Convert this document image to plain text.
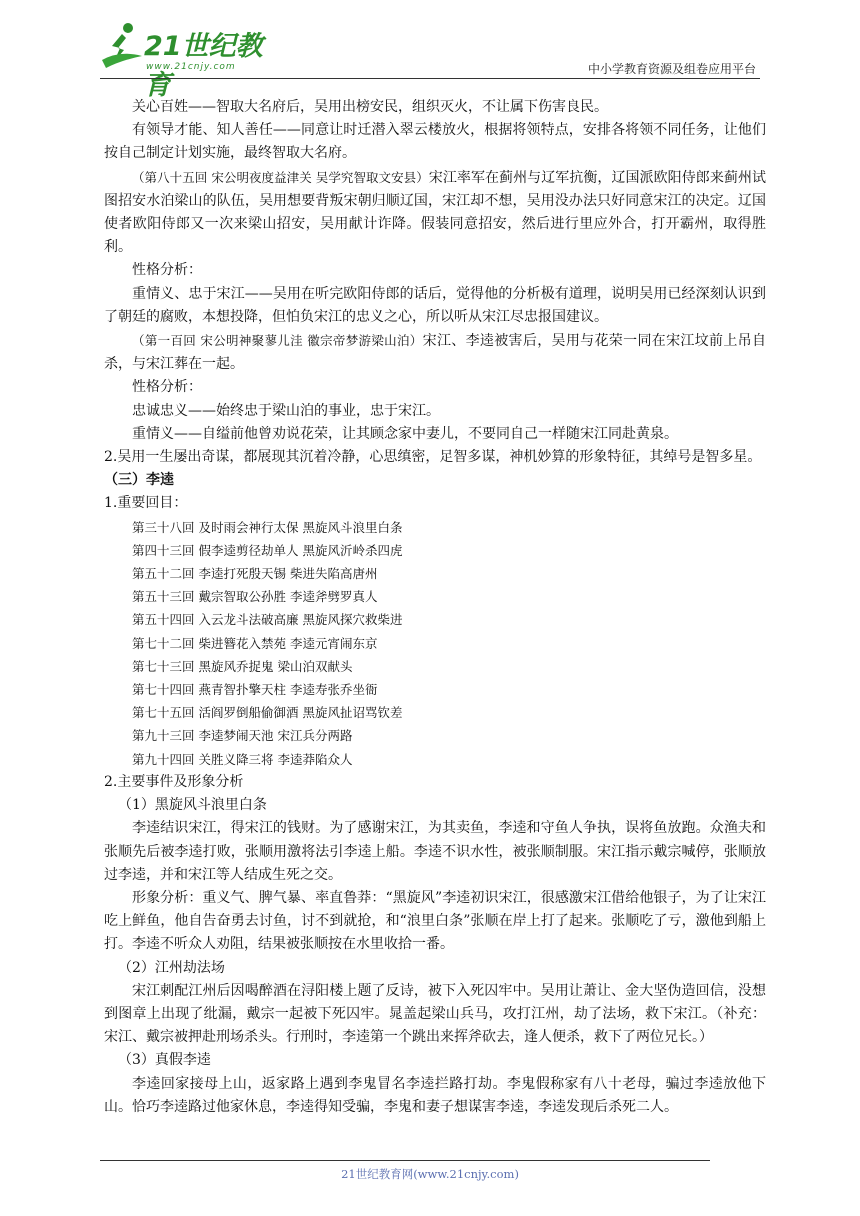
21世纪教育
www.21cnjy.com	中小学教育资源及组卷应用平台

关心百姓——智取大名府后，吴用出榜安民，组织灭火，不让属下伤害良民。

有领导才能、知人善任——同意让时迁潜入翠云楼放火，根据将领特点，安排各将领不同任务，让他们按自己制定计划实施，最终智取大名府。

（第八十五回 宋公明夜度益津关 吴学究智取文安县）宋江率军在蓟州与辽军抗衡，辽国派欧阳侍郎来蓟州试图招安水泊梁山的队伍，吴用想要背叛宋朝归顺辽国，宋江却不想，吴用没办法只好同意宋江的决定。辽国使者欧阳侍郎又一次来梁山招安，吴用献计诈降。假装同意招安，然后进行里应外合，打开霸州，取得胜利。

性格分析：

重情义、忠于宋江——吴用在听完欧阳侍郎的话后，觉得他的分析极有道理，说明吴用已经深刻认识到了朝廷的腐败，本想投降，但怕负宋江的忠义之心，所以听从宋江尽忠报国建议。

（第一百回 宋公明神聚蓼儿洼 徽宗帝梦游梁山泊）宋江、李逵被害后，吴用与花荣一同在宋江坟前上吊自杀，与宋江葬在一起。

性格分析：

忠诚忠义——始终忠于梁山泊的事业，忠于宋江。

重情义——自缢前他曾劝说花荣，让其顾念家中妻儿，不要同自己一样随宋江同赴黄泉。

2.吴用一生屡出奇谋，都展现其沉着冷静，心思缜密，足智多谋，神机妙算的形象特征，其绰号是智多星。

（三）李逵

1.重要回目：

第三十八回 及时雨会神行太保 黑旋风斗浪里白条

第四十三回 假李逵剪径劫单人 黑旋风沂岭杀四虎

第五十二回 李逵打死殷天锡 柴进失陷高唐州

第五十三回 戴宗智取公孙胜 李逵斧劈罗真人

第五十四回 入云龙斗法破高廉 黑旋风探穴救柴进

第七十二回 柴进簪花入禁苑 李逵元宵闹东京

第七十三回 黑旋风乔捉鬼 梁山泊双献头

第七十四回 燕青智扑擎天柱 李逵寿张乔坐衙

第七十五回 活阎罗倒船偷御酒 黑旋风扯诏骂钦差

第九十三回 李逵梦闹天池 宋江兵分两路

第九十四回 关胜义降三将 李逵莽陷众人

2.主要事件及形象分析

（1）黑旋风斗浪里白条

李逵结识宋江，得宋江的钱财。为了感谢宋江，为其卖鱼，李逵和守鱼人争执，误将鱼放跑。众渔夫和张顺先后被李逵打败，张顺用激将法引李逵上船。李逵不识水性，被张顺制服。宋江指示戴宗喊停，张顺放过李逵，并和宋江等人结成生死之交。

形象分析：重义气、脾气暴、率直鲁莽：“黑旋风”李逵初识宋江，很感激宋江借给他银子，为了让宋江吃上鲜鱼，他自告奋勇去讨鱼，讨不到就抢，和“浪里白条”张顺在岸上打了起来。张顺吃了亏，激他到船上打。李逵不听众人劝阻，结果被张顺按在水里收拾一番。

（2）江州劫法场

宋江刺配江州后因喝醉酒在浔阳楼上题了反诗，被下入死囚牢中。吴用让萧让、金大坚伪造回信，没想到图章上出现了纰漏，戴宗一起被下死囚牢。晁盖起梁山兵马，攻打江州，劫了法场，救下宋江。（补充：宋江、戴宗被押赴刑场杀头。行刑时，李逵第一个跳出来挥斧砍去，逢人便杀，救下了两位兄长。）

（3）真假李逵

李逵回家接母上山，返家路上遇到李鬼冒名李逵拦路打劫。李鬼假称家有八十老母，骗过李逵放他下山。恰巧李逵路过他家休息，李逵得知受骗，李鬼和妻子想谋害李逵，李逵发现后杀死二人。

21世纪教育网(www.21cnjy.com)
